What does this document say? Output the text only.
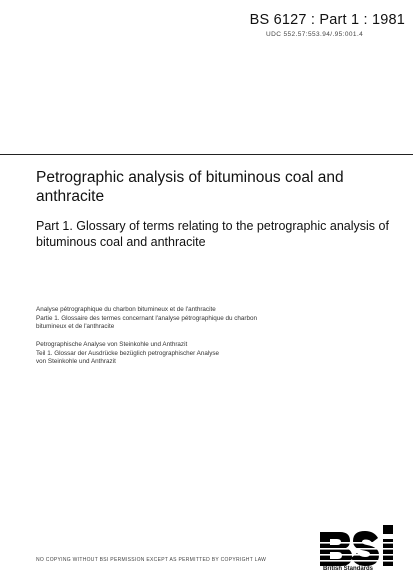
BS 6127 : Part 1 : 1981
UDC 552.57:553.94/.95:001.4
Petrographic analysis of bituminous coal and anthracite

Part 1. Glossary of terms relating to the petrographic analysis of bituminous coal and anthracite

Analyse pétrographique du charbon bitumineux et de l'anthracite
Partie 1. Glossaire des termes concernant l'analyse pétrographique du charbon
bitumineux et de l'anthracite
Petrographische Analyse von Steinkohle und Anthrazit
Teil 1. Glossar der Ausdrücke bezüglich petrographischer Analyse
von Steinkohle und Anthrazit
NO COPYING WITHOUT BSI PERMISSION EXCEPT AS PERMITTED BY COPYRIGHT LAW
British Standards
